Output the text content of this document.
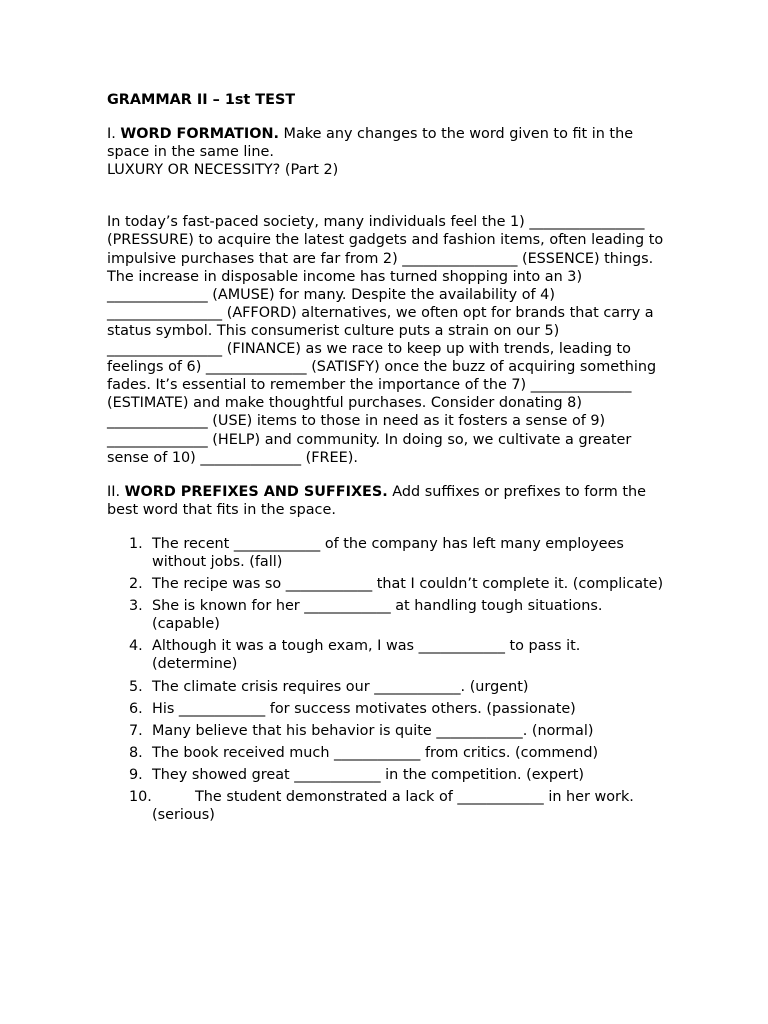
GRAMMAR II – 1st TEST

I. WORD FORMATION. Make any changes to the word given to fit in the space in the same line.

LUXURY OR NECESSITY? (Part 2)

In today’s fast-paced society, many individuals feel the 1) ________________ (PRESSURE) to acquire the latest gadgets and fashion items, often leading to impulsive purchases that are far from 2) ________________ (ESSENCE) things. The increase in disposable income has turned shopping into an 3) ______________ (AMUSE) for many. Despite the availability of 4) ________________ (AFFORD) alternatives, we often opt for brands that carry a status symbol. This consumerist culture puts a strain on our 5) ________________ (FINANCE) as we race to keep up with trends, leading to feelings of 6) ______________ (SATISFY) once the buzz of acquiring something fades. It’s essential to remember the importance of the 7) ______________ (ESTIMATE) and make thoughtful purchases. Consider donating 8) ______________ (USE) items to those in need as it fosters a sense of 9) ______________ (HELP) and community. In doing so, we cultivate a greater sense of 10) ______________ (FREE).

II. WORD PREFIXES AND SUFFIXES. Add suffixes or prefixes to form the best word that fits in the space.

1. The recent ____________ of the company has left many employees without jobs. (fall)
2. The recipe was so ____________ that I couldn’t complete it. (complicate)
3. She is known for her ____________ at handling tough situations. (capable)
4. Although it was a tough exam, I was ____________ to pass it. (determine)
5. The climate crisis requires our ____________. (urgent)
6. His ____________ for success motivates others. (passionate)
7. Many believe that his behavior is quite ____________. (normal)
8. The book received much ____________ from critics. (commend)
9. They showed great ____________ in the competition. (expert)
10.	The student demonstrated a lack of ____________ in her work. (serious)
